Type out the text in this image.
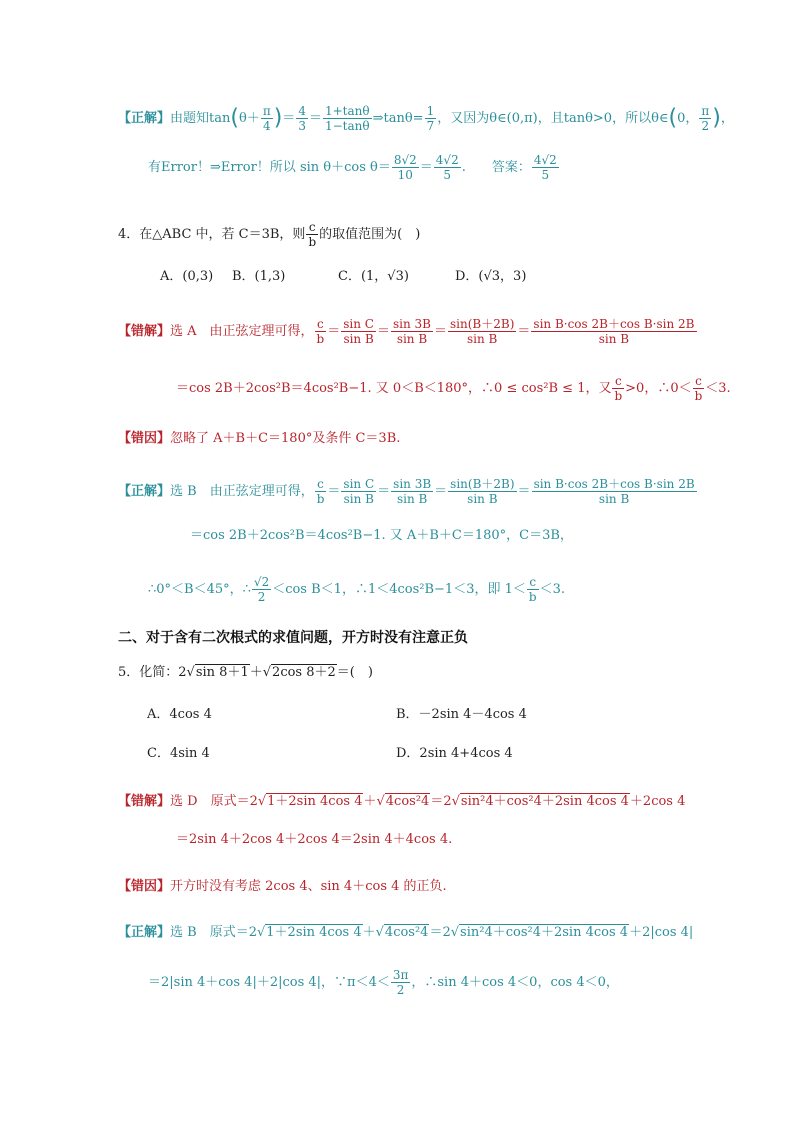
【正解】由题知$\tan(\theta+ \frac{\pi}{4}$ )＝ $\frac{4}{3} = \frac{1+\tan\theta}{1-\tan\theta}$ ⇒tanθ= $\frac{1}{7}$ ，又因为θ∈(0,π)，且tanθ>0，所以θ∈(0， $\frac{\pi}{2}$ )，
有Error！⇒Error！所以 sin θ＋cos $\theta= \frac{8√2}{10} = \frac{4√2}{5}$ .　　答案： $\frac{4√2}{5}$
4．在△ABC 中，若 C＝3B，则 $\frac{c}{b}$ 的取值范围为(　)
A．(0,3) B．(1,3)	C．(1，√3)	D．(√3，3)
【错解】选 A　由正弦定理可得， $\frac{c}{b} = \frac{\text{sin C}}{\text{sin B}} = \frac{\sin 3B}{\text{sin B}} = \frac{\sin(B+2B)}{\text{sin B}} = \frac{\text{sin B·cos 2B＋cos B·sin 2B}}{\text{sin B}}$
＝cos 2B＋2cos²B＝4cos²B−1. 又 0＜B＜180°，∴0 ≤ cos²B ≤ 1，又 $\frac{c}{b} >0$，∴0＜ $\frac{c}{b} <3$.
【错因】忽略了 A＋B＋C＝180°及条件 C＝3B.
【正解】选 B　由正弦定理可得， $\frac{c}{b} = \frac{\text{sin C}}{\text{sin B}} = \frac{\sin 3B}{\text{sin B}} = \frac{\sin(B+2B)}{\text{sin B}} = \frac{\text{sin B·cos 2B＋cos B·sin 2B}}{\text{sin B}}$
＝cos 2B＋2cos²B＝4cos²B−1. 又 A＋B＋C＝180°，C＝3B，
∴0°＜B＜45°，∴ $\frac{√2}{2} <\cos$ B＜1，∴1＜4cos²B−1＜3，即 $1< \frac{c}{b} <3$.
二、对于含有二次根式的求值问题，开方时没有注意正负
5．化简：2√sin 8＋1＋√2cos 8＋2＝(　)
A．4cos 4	B．－2sin 4－4cos 4
C．4sin 4	D．2sin 4+4cos 4
【错解】选 D　原式＝2√1＋2sin 4cos 4＋√4cos²4＝2√sin²4＋cos²4＋2sin 4cos 4＋2cos 4
＝2sin 4＋2cos 4＋2cos 4＝2sin 4＋4cos 4.
【错因】开方时没有考虑 2cos 4、sin 4＋cos 4 的正负.
【正解】选 B　原式＝2√1＋2sin 4cos 4＋√4cos²4＝2√sin²4＋cos²4＋2sin 4cos 4＋2|cos 4|
＝2|sin 4＋cos 4|＋2|cos 4|，∵π＜4＜ $\frac{3\pi}{2}$ ，∴sin 4＋cos 4＜0，cos 4＜0，
